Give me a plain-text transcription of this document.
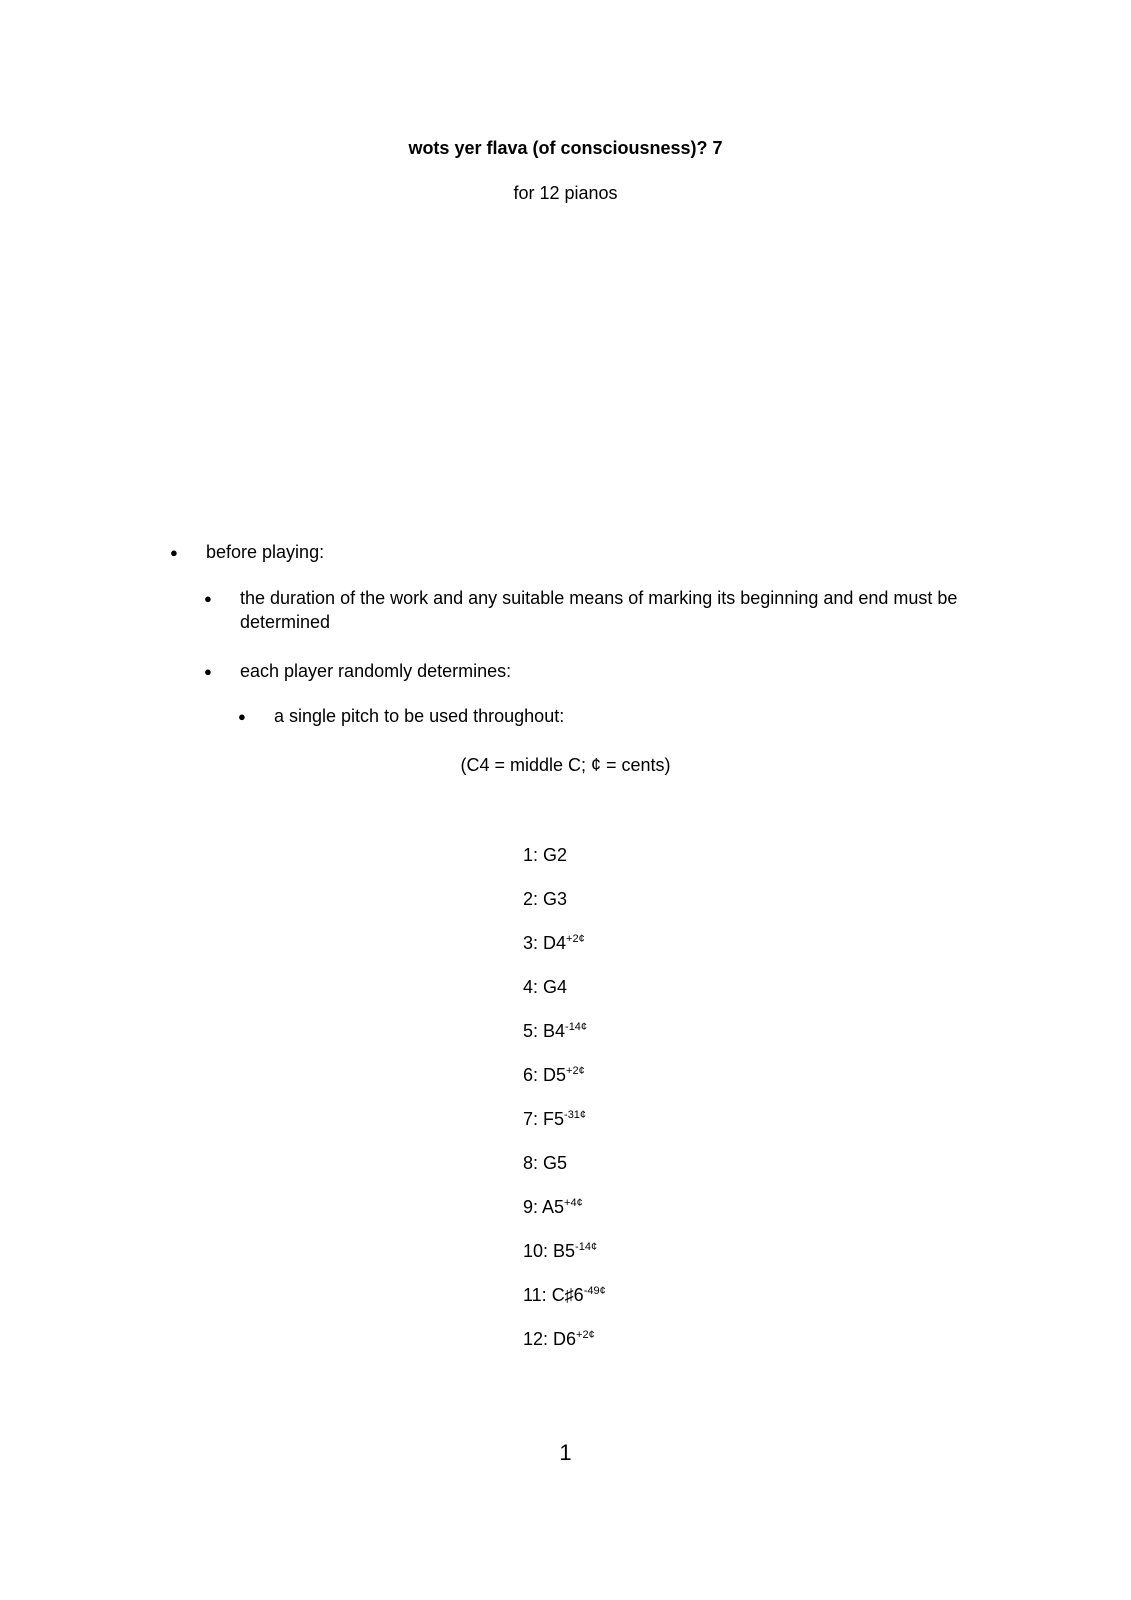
wots yer flava (of consciousness)? 7
for 12 pianos
● before playing:
● the duration of the work and any suitable means of marking its beginning and end must be determined
● each player randomly determines:
● a single pitch to be used throughout:
(C4 = middle C; ¢ = cents)
1: G2
2: G3
3: $D4^{+2¢}$
4: G4
5: $B4^{-14¢}$
6: $D5^{+2¢}$
7: $F5^{-31¢}$
8: G5
9: $A5^{+4¢}$
10: $B5^{-14¢}$
11: $C♯6^{-49¢}$
12: $D6^{+2¢}$
1
